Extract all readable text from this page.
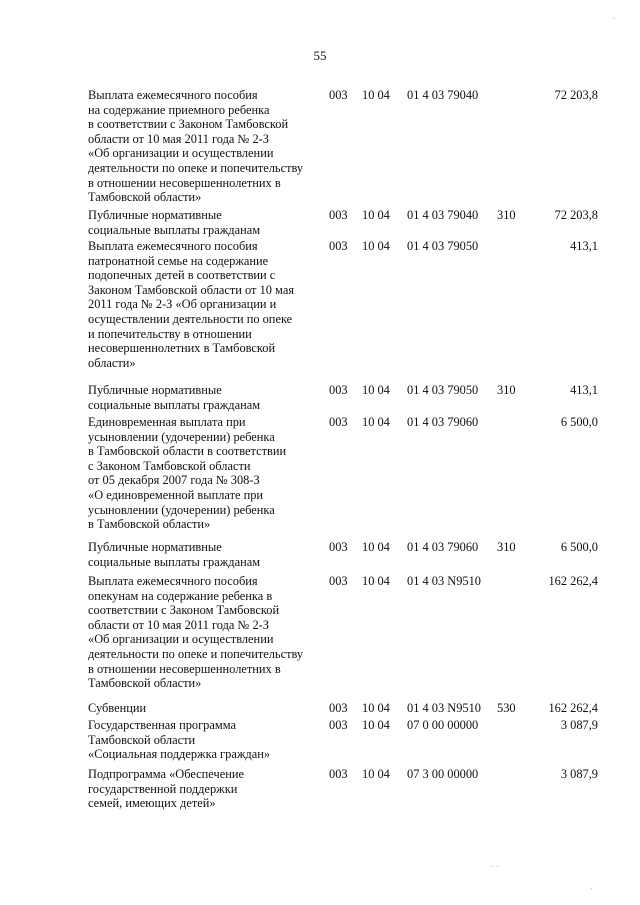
55
Выплата ежемесячного пособия
на содержание приемного ребенка
в соответствии с Законом Тамбовской
области от 10 мая 2011 года № 2-З
«Об организации и осуществлении
деятельности по опеке и попечительству
в отношении несовершеннолетних в
Тамбовской области»
003 10 04 01 4 03 79040	72 203,8
Публичные нормативные
социальные выплаты гражданам
003 10 04 01 4 03 79040 310	72 203,8
Выплата ежемесячного пособия
патронатной семье на содержание
подопечных детей в соответствии с
Законом Тамбовской области от 10 мая
2011 года № 2-З «Об организации и
осуществлении деятельности по опеке
и попечительству в отношении
несовершеннолетних в Тамбовской
области»
003 10 04 01 4 03 79050	413,1
Публичные нормативные
социальные выплаты гражданам
003 10 04 01 4 03 79050 310	413,1
Единовременная выплата при
усыновлении (удочерении) ребенка
в Тамбовской области в соответствии
с Законом Тамбовской области
от 05 декабря 2007 года № 308-З
«О единовременной выплате при
усыновлении (удочерении) ребенка
в Тамбовской области»
003 10 04 01 4 03 79060	6 500,0
Публичные нормативные
социальные выплаты гражданам
003 10 04 01 4 03 79060 310	6 500,0
Выплата ежемесячного пособия
опекунам на содержание ребенка в
соответствии с Законом Тамбовской
области от 10 мая 2011 года № 2-З
«Об организации и осуществлении
деятельности по опеке и попечительству
в отношении несовершеннолетних в
Тамбовской области»
003 10 04 01 4 03 N9510	162 262,4
Субвенции	003 10 04 01 4 03 N9510 530	162 262,4
Государственная программа
Тамбовской области
«Социальная поддержка граждан»
003 10 04 07 0 00 00000	3 087,9
Подпрограмма «Обеспечение
государственной поддержки
семей, имеющих детей»
003 10 04 07 3 00 00000	3 087,9
·
· ·
·
